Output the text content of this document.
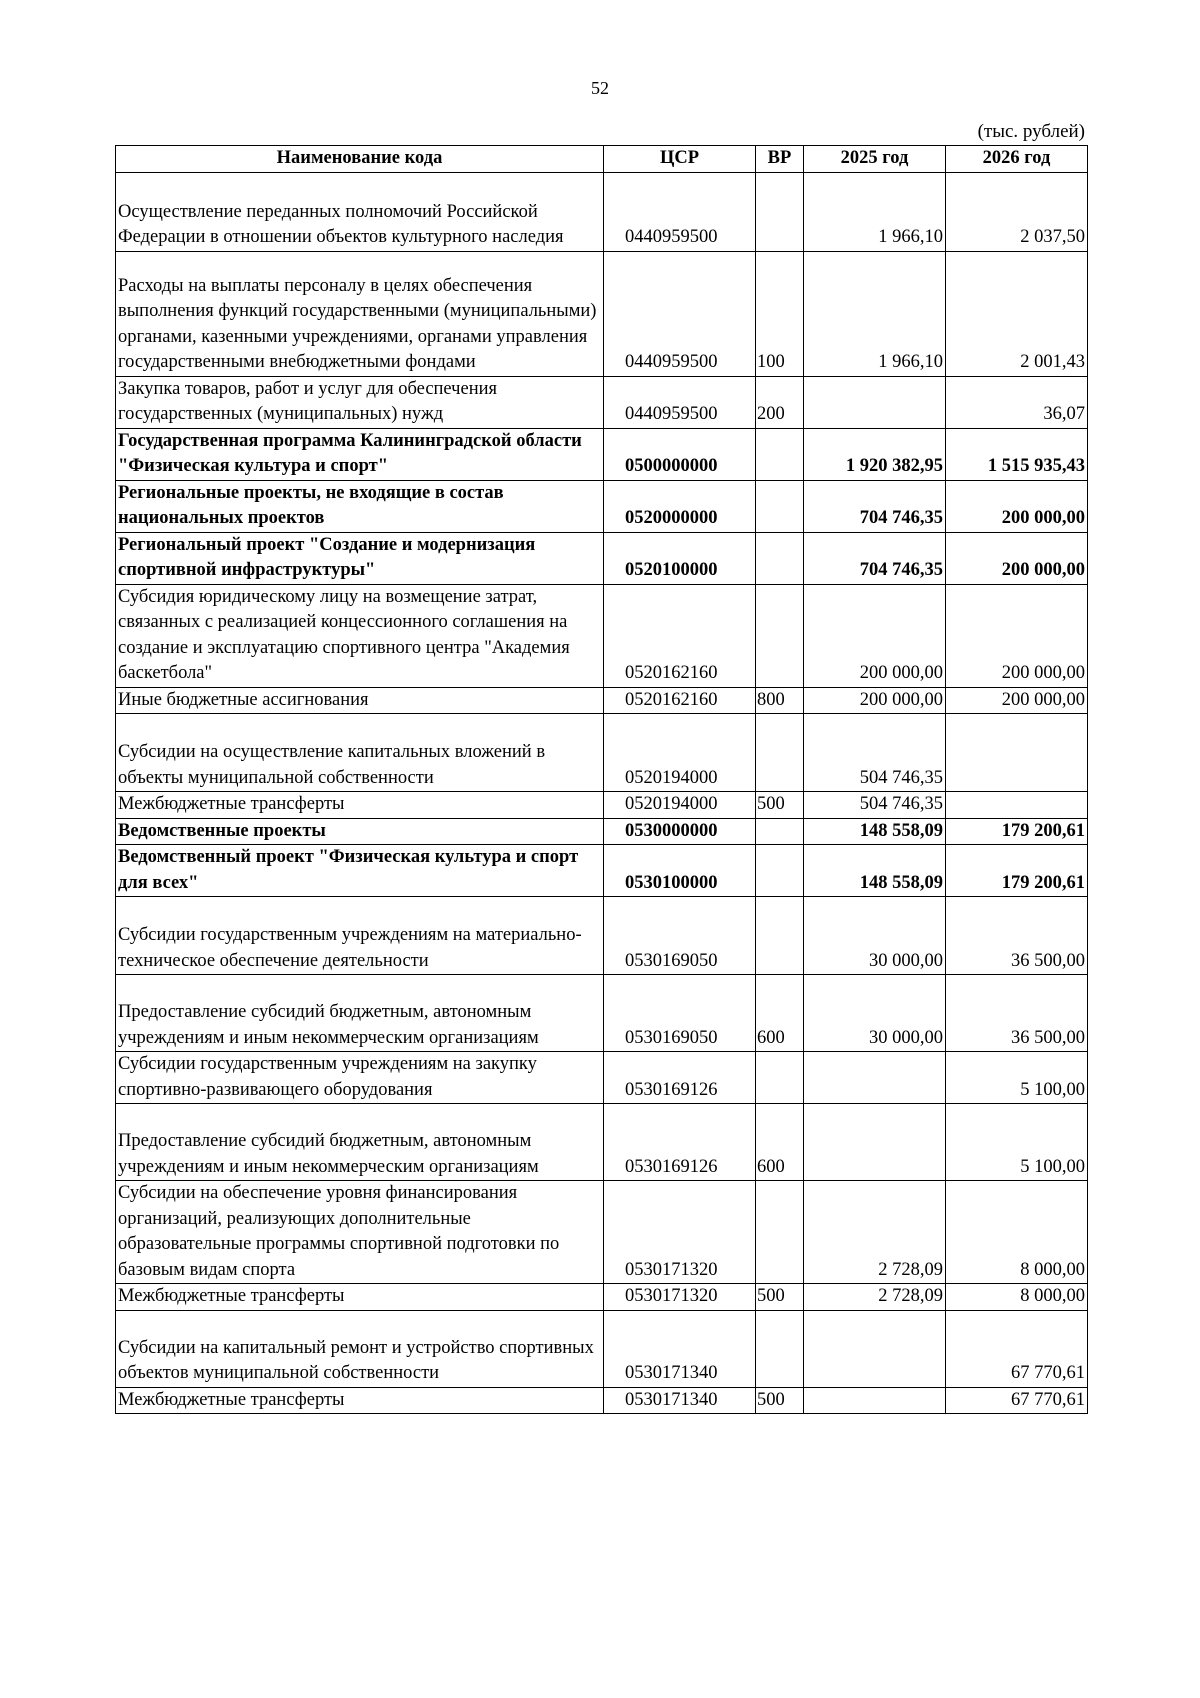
52
(тыс. рублей)
Наименование кода	ЦСР	ВР	2025 год	2026 год
Осуществление переданных полномочий Российской Федерации в отношении объектов культурного наследия	0440959500		1 966,10	2 037,50
Расходы на выплаты персоналу в целях обеспечения выполнения функций государственными (муниципальными) органами, казенными учреждениями, органами управления государственными внебюджетными фондами	0440959500	100	1 966,10	2 001,43
Закупка товаров, работ и услуг для обеспечения государственных (муниципальных) нужд	0440959500	200		36,07
Государственная программа Калининградской области "Физическая культура и спорт"	0500000000		1 920 382,95	1 515 935,43
Региональные проекты, не входящие в состав национальных проектов	0520000000		704 746,35	200 000,00
Региональный проект "Создание и модернизация спортивной инфраструктуры"	0520100000		704 746,35	200 000,00
Субсидия юридическому лицу на возмещение затрат, связанных с реализацией концессионного соглашения на создание и эксплуатацию спортивного центра "Академия баскетбола"	0520162160		200 000,00	200 000,00
Иные бюджетные ассигнования	0520162160	800	200 000,00	200 000,00
Субсидии на осуществление капитальных вложений в объекты муниципальной собственности	0520194000		504 746,35	
Межбюджетные трансферты	0520194000	500	504 746,35	
Ведомственные проекты	0530000000		148 558,09	179 200,61
Ведомственный проект "Физическая культура и спорт для всех"	0530100000		148 558,09	179 200,61
Субсидии государственным учреждениям на материально-техническое обеспечение деятельности	0530169050		30 000,00	36 500,00
Предоставление субсидий бюджетным, автономным учреждениям и иным некоммерческим организациям	0530169050	600	30 000,00	36 500,00
Субсидии государственным учреждениям на закупку спортивно-развивающего оборудования	0530169126			5 100,00
Предоставление субсидий бюджетным, автономным учреждениям и иным некоммерческим организациям	0530169126	600		5 100,00
Субсидии на обеспечение уровня финансирования организаций, реализующих дополнительные образовательные программы спортивной подготовки по базовым видам спорта	0530171320		2 728,09	8 000,00
Межбюджетные трансферты	0530171320	500	2 728,09	8 000,00
Субсидии на капитальный ремонт и устройство спортивных объектов муниципальной собственности	0530171340			67 770,61
Межбюджетные трансферты	0530171340	500		67 770,61
